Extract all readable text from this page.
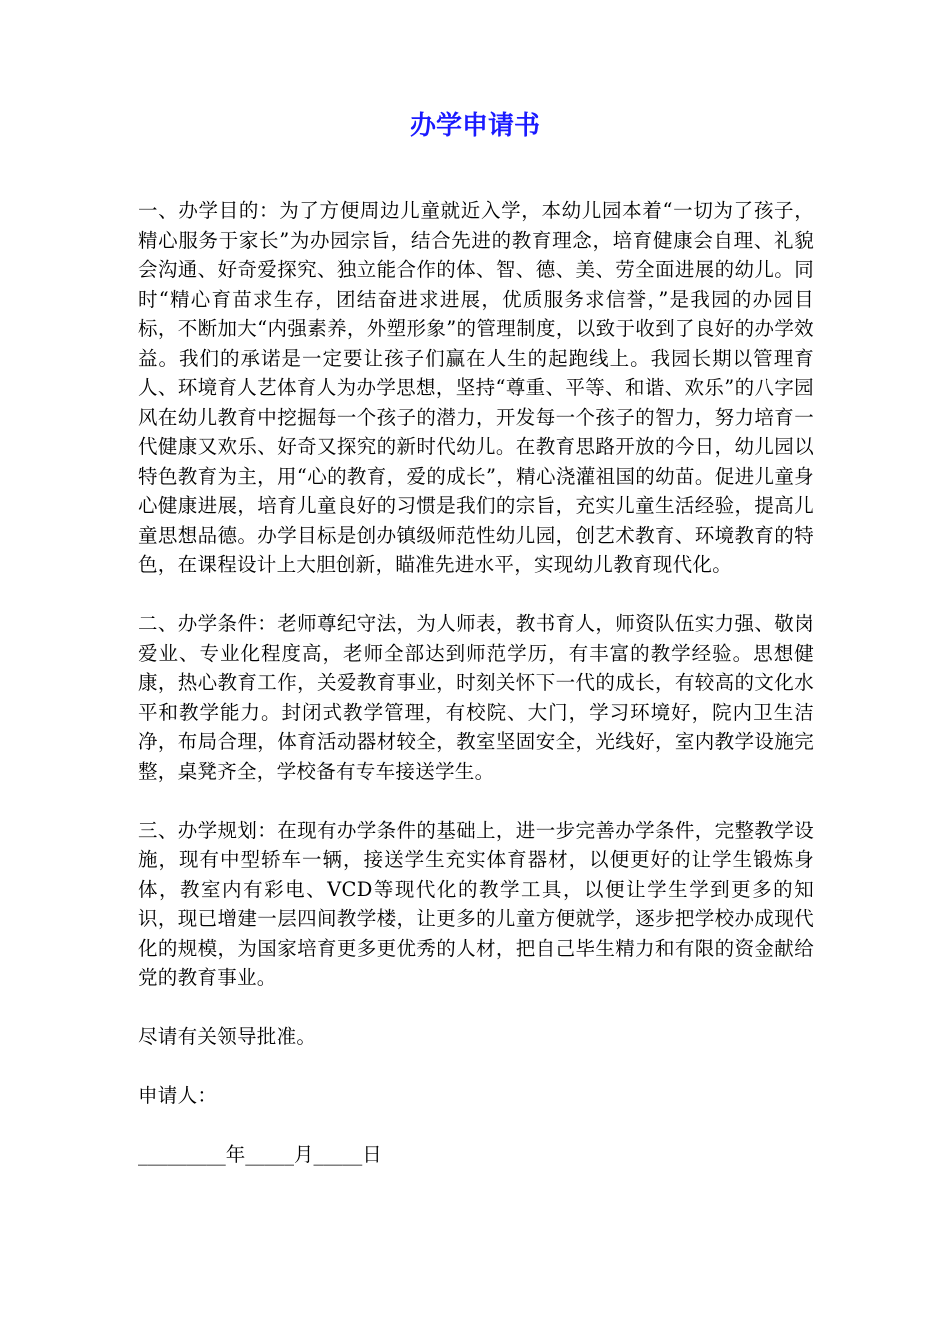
办学申请书

一、办学目的：为了方便周边儿童就近入学，本幼儿园本着“一切为了孩子，精心服务于家长”为办园宗旨，结合先进的教育理念，培育健康会自理、礼貌会沟通、好奇爱探究、独立能合作的体、智、德、美、劳全面进展的幼儿。同时“精心育苗求生存，团结奋进求进展，优质服务求信誉，”是我园的办园目标，不断加大“内强素养，外塑形象”的管理制度，以致于收到了良好的办学效益。我们的承诺是一定要让孩子们赢在人生的起跑线上。我园长期以管理育人、环境育人艺体育人为办学思想，坚持“尊重、平等、和谐、欢乐”的八字园风在幼儿教育中挖掘每一个孩子的潜力，开发每一个孩子的智力，努力培育一代健康又欢乐、好奇又探究的新时代幼儿。在教育思路开放的今日，幼儿园以特色教育为主，用“心的教育，爱的成长”，精心浇灌祖国的幼苗。促进儿童身心健康进展，培育儿童良好的习惯是我们的宗旨，充实儿童生活经验，提高儿童思想品德。办学目标是创办镇级师范性幼儿园，创艺术教育、环境教育的特色，在课程设计上大胆创新，瞄准先进水平，实现幼儿教育现代化。

二、办学条件：老师尊纪守法，为人师表，教书育人，师资队伍实力强、敬岗爱业、专业化程度高，老师全部达到师范学历，有丰富的教学经验。思想健康，热心教育工作，关爱教育事业，时刻关怀下一代的成长，有较高的文化水平和教学能力。封闭式教学管理，有校院、大门，学习环境好，院内卫生洁净，布局合理，体育活动器材较全，教室坚固安全，光线好，室内教学设施完整，桌凳齐全，学校备有专车接送学生。

三、办学规划：在现有办学条件的基础上，进一步完善办学条件，完整教学设施，现有中型轿车一辆，接送学生充实体育器材，以便更好的让学生锻炼身体，教室内有彩电、VCD等现代化的教学工具，以便让学生学到更多的知识，现已增建一层四间教学楼，让更多的儿童方便就学，逐步把学校办成现代化的规模，为国家培育更多更优秀的人材，把自己毕生精力和有限的资金献给党的教育事业。

尽请有关领导批准。

申请人：

_________年_____月_____日
